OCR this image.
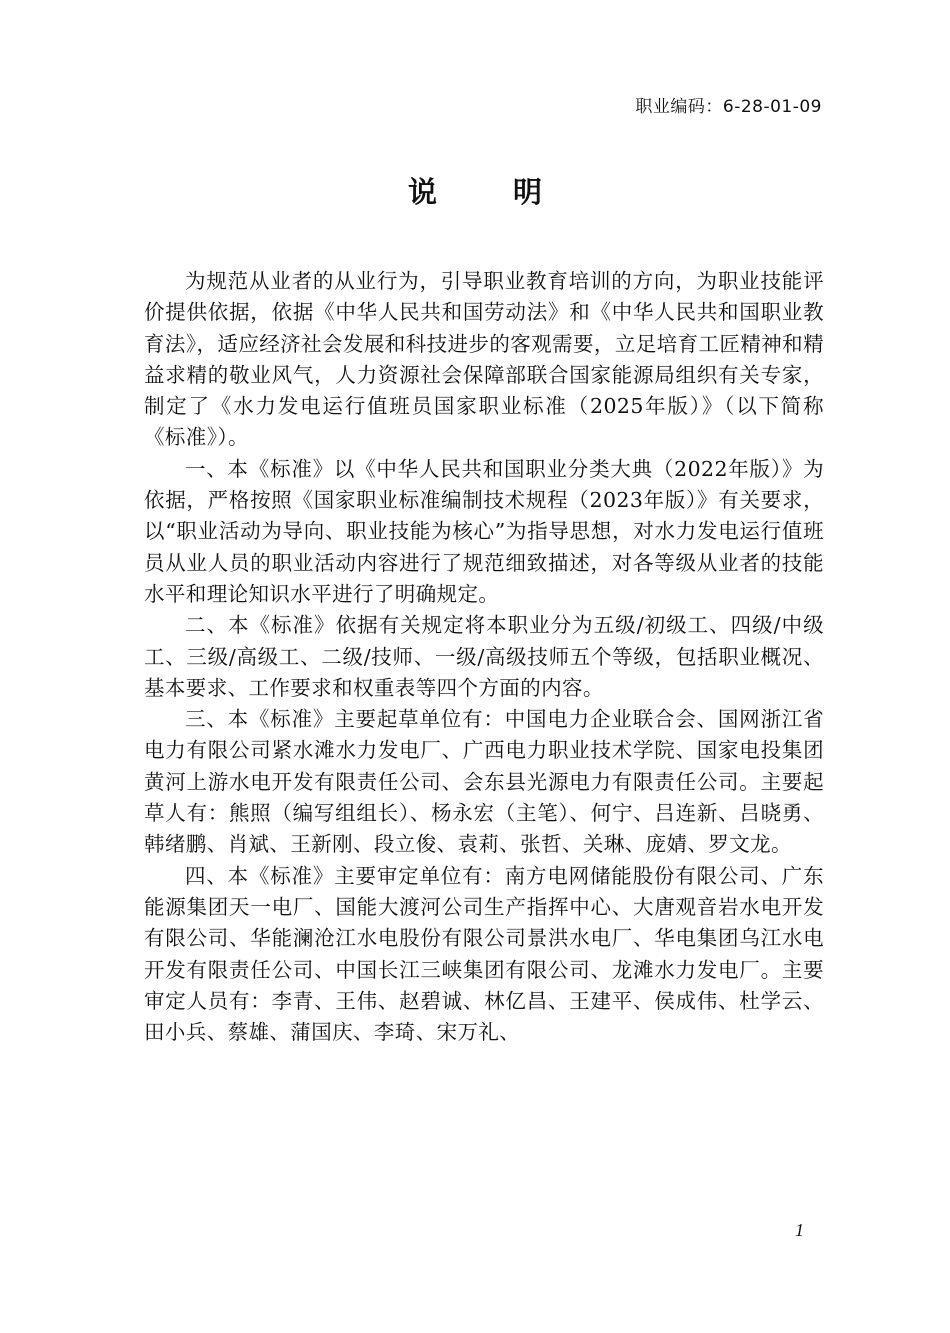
职业编码：6-28-01-09
说	明

为规范从业者的从业行为，引导职业教育培训的方向，为职业技能评价提供依据，依据《中华人民共和国劳动法》和《中华人民共和国职业教育法》，适应经济社会发展和科技进步的客观需要，立足培育工匠精神和精益求精的敬业风气，人力资源社会保障部联合国家能源局组织有关专家，制定了《水力发电运行值班员国家职业标准（2025年版）》（以下简称《标准》）。

一、本《标准》以《中华人民共和国职业分类大典（2022年版）》为依据，严格按照《国家职业标准编制技术规程（2023年版）》有关要求，以“职业活动为导向、职业技能为核心”为指导思想，对水力发电运行值班员从业人员的职业活动内容进行了规范细致描述，对各等级从业者的技能水平和理论知识水平进行了明确规定。

二、本《标准》依据有关规定将本职业分为五级/初级工、四级/中级工、三级/高级工、二级/技师、一级/高级技师五个等级，包括职业概况、基本要求、工作要求和权重表等四个方面的内容。

三、本《标准》主要起草单位有：中国电力企业联合会、国网浙江省电力有限公司紧水滩水力发电厂、广西电力职业技术学院、国家电投集团黄河上游水电开发有限责任公司、会东县光源电力有限责任公司。主要起草人有：熊照（编写组组长）、杨永宏（主笔）、何宁、吕连新、吕晓勇、韩绪鹏、肖斌、王新刚、段立俊、袁莉、张哲、关琳、庞婧、罗文龙。

四、本《标准》主要审定单位有：南方电网储能股份有限公司、广东能源集团天一电厂、国能大渡河公司生产指挥中心、大唐观音岩水电开发有限公司、华能澜沧江水电股份有限公司景洪水电厂、华电集团乌江水电开发有限责任公司、中国长江三峡集团有限公司、龙滩水力发电厂。主要审定人员有：李青、王伟、赵碧诚、林亿昌、王建平、侯成伟、杜学云、田小兵、蔡雄、蒲国庆、李琦、宋万礼、

1
